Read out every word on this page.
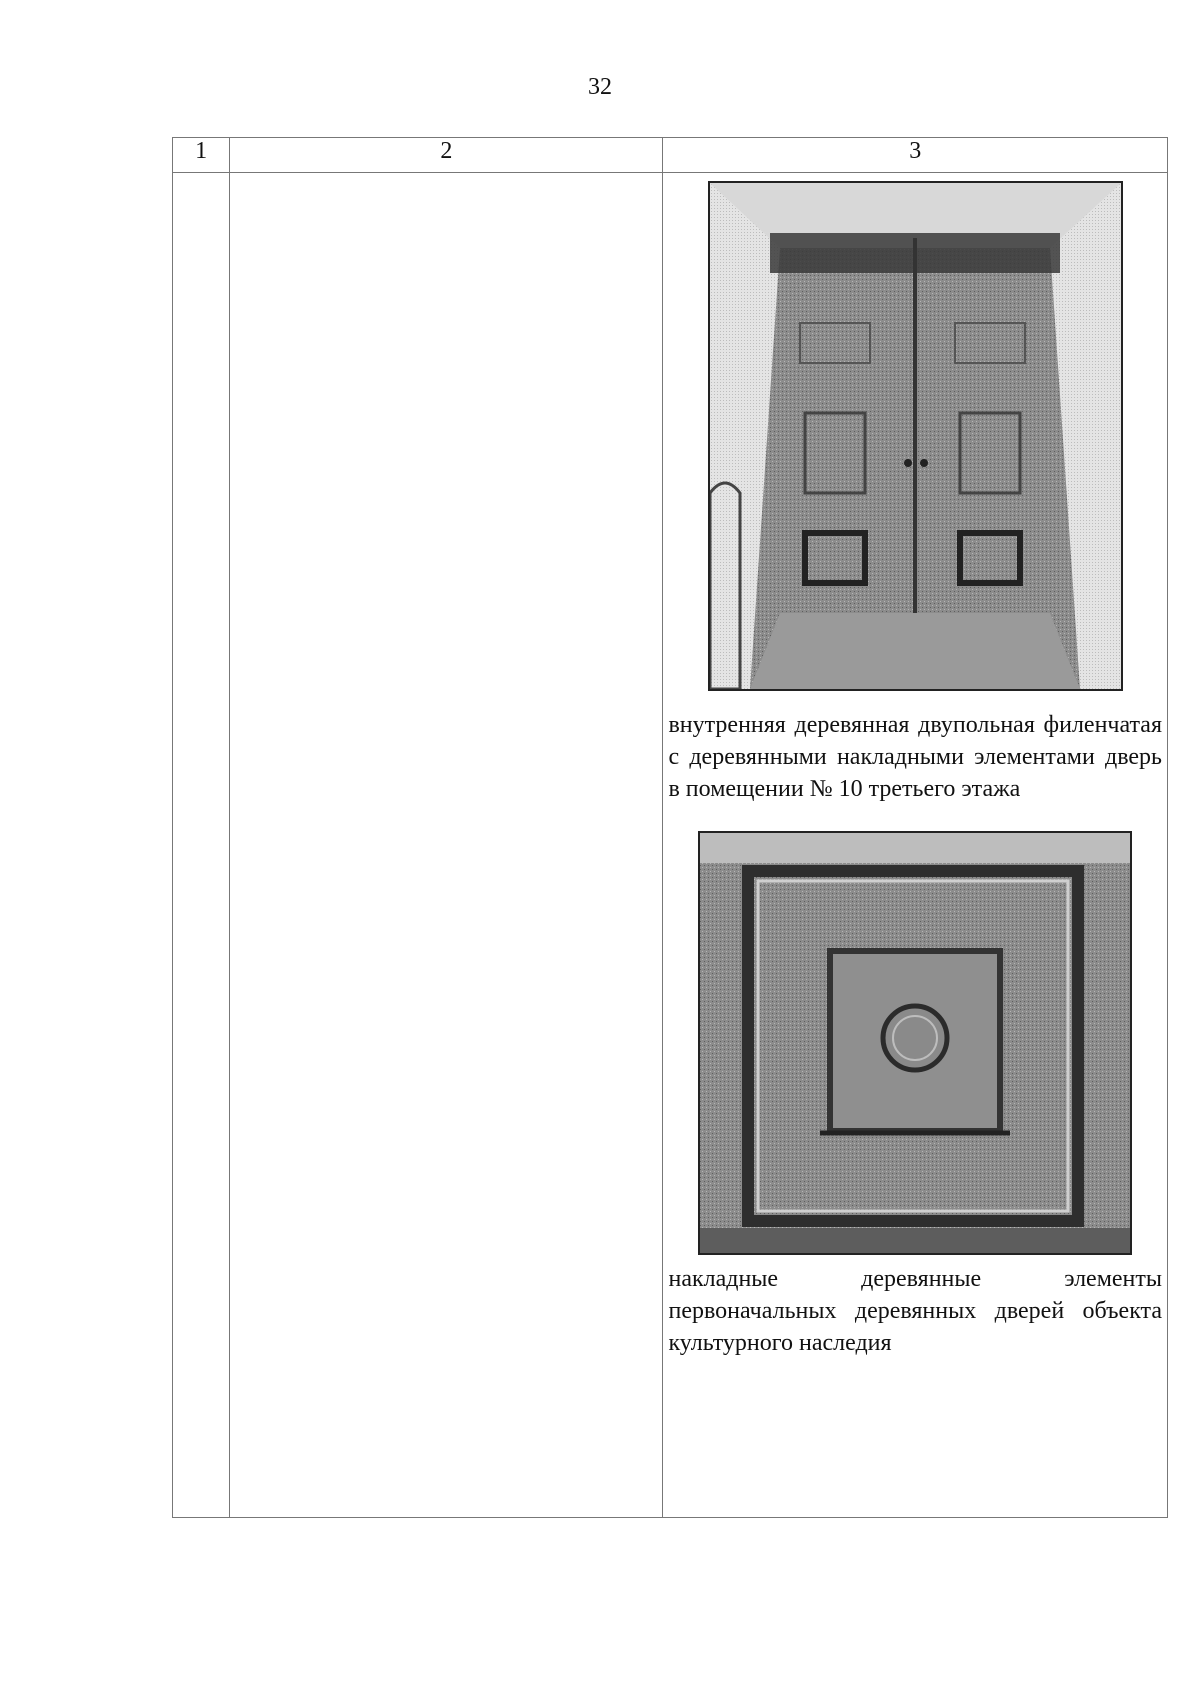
32
1	2	3

		внутренняя деревянная двупольная филенчатая с деревянными накладными элементами дверь в помещении № 10 третьего этажа
накладные деревянные элементы первоначальных деревянных дверей объекта культурного наследия
